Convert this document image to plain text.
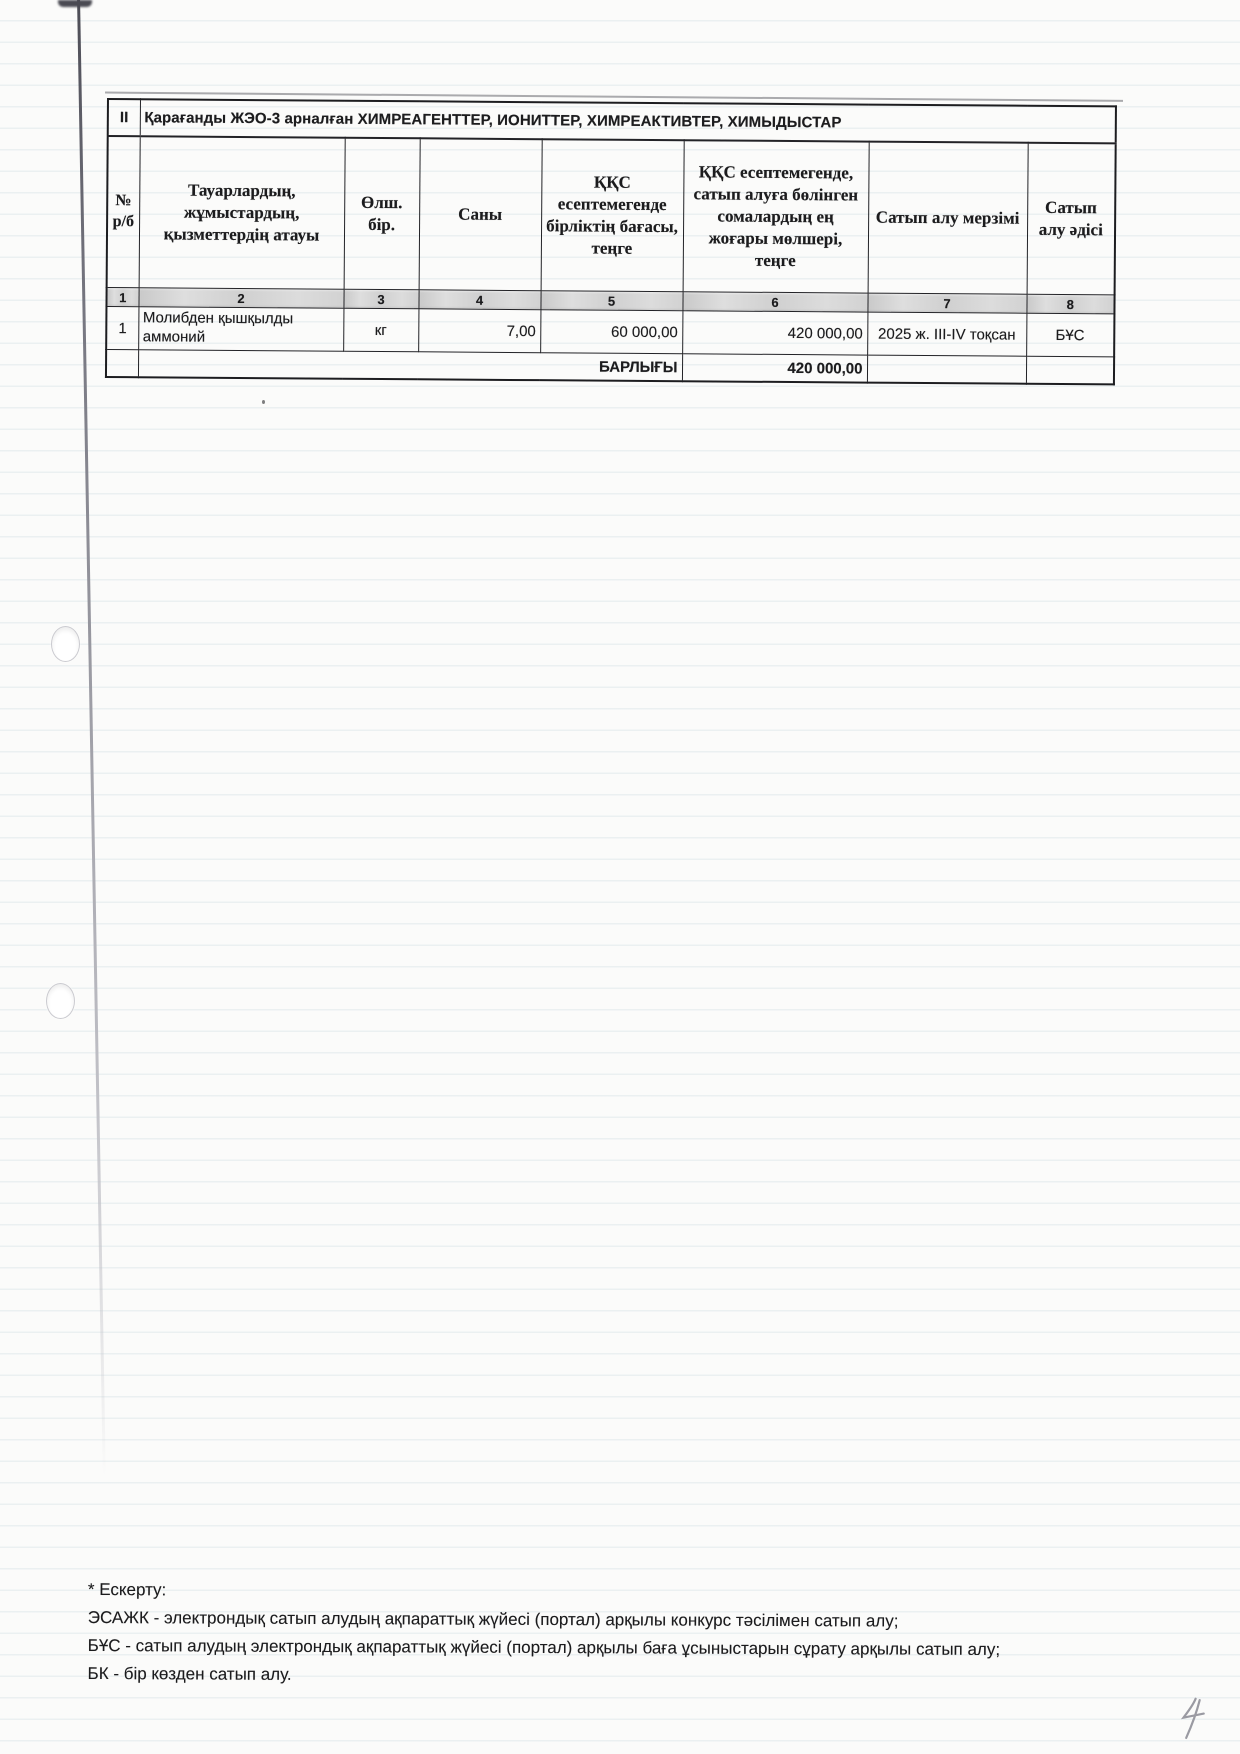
II	Қарағанды ЖЭО-3 арналған ХИМРЕАГЕНТТЕР, ИОНИТТЕР, ХИМРЕАКТИВТЕР, ХИМЫДЫСТАР						
№ р/б	Тауарлардың, жұмыстардың, қызметтердің атауы	Өлш. бір.	Саны	ҚҚС есептемегенде бірліктің бағасы, теңге	ҚҚС есептемегенде, сатып алуға бөлінген сомалардың ең жоғары мөлшері, теңге	Сатып алу мерзімі	Сатып алу әдісі
1	2	3	4	5	6	7	8
1	Молибден қышқылды аммоний	кг	7,00	60 000,00	420 000,00	2025 ж. III-IV тоқсан	БҰС
	БАРЛЫҒЫ				420 000,00		

* Ескерту:

ЭСАЖК - электрондық сатып алудың ақпараттық жүйесі (портал) арқылы конкурс тәсілімен сатып алу;

БҰС - сатып алудың электрондық ақпараттық жүйесі (портал) арқылы баға ұсыныстарын сұрату арқылы сатып алу;

БК - бір көзден сатып алу.
